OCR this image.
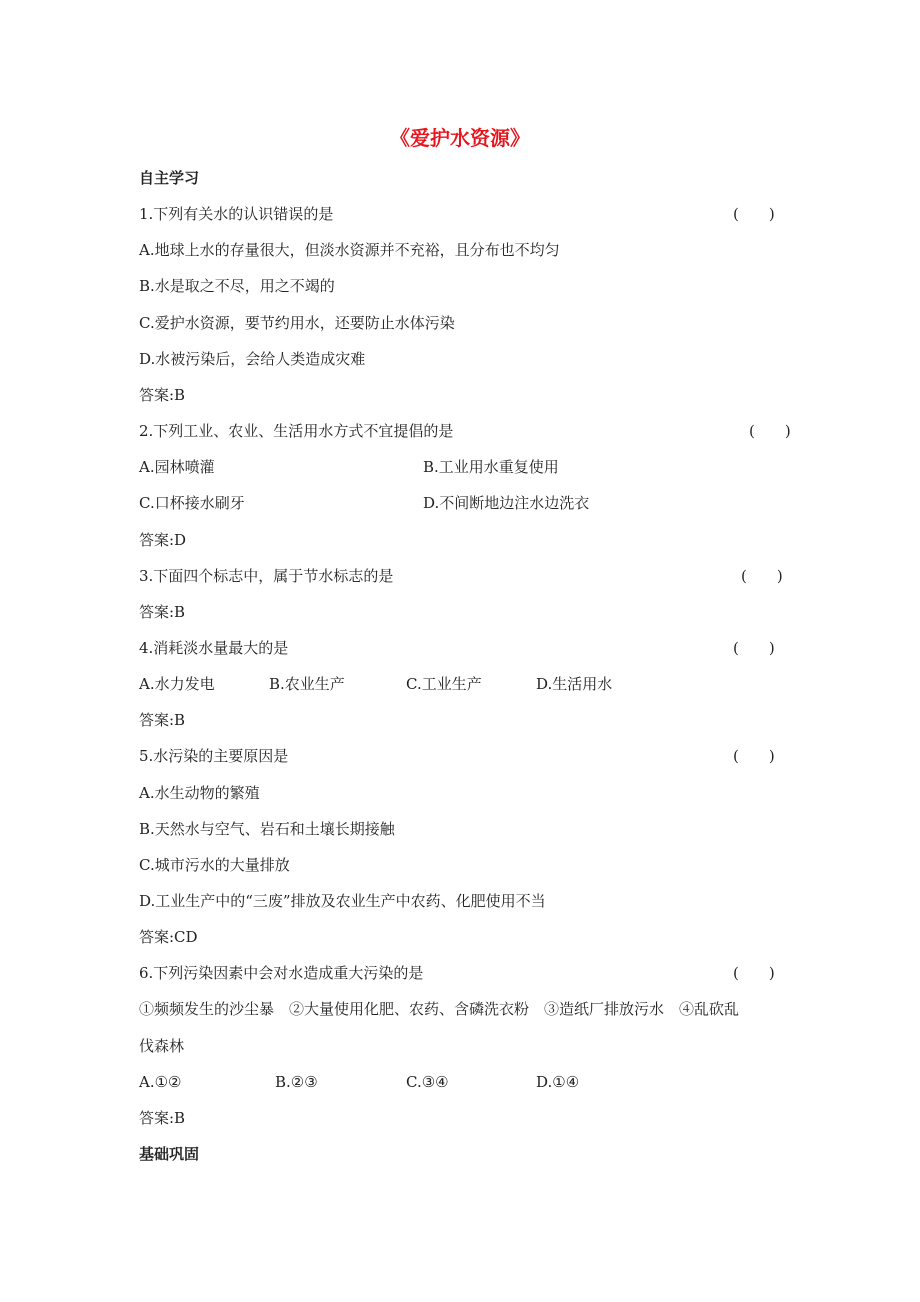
《爱护水资源》
自主学习
1.下列有关水的认识错误的是	(　　)
A.地球上水的存量很大，但淡水资源并不充裕，且分布也不均匀
B.水是取之不尽，用之不竭的
C.爱护水资源，要节约用水，还要防止水体污染
D.水被污染后，会给人类造成灾难
答案:B
2.下列工业、农业、生活用水方式不宜提倡的是	(　　)
A.园林喷灌	B.工业用水重复使用
C.口杯接水刷牙	D.不间断地边注水边洗衣
答案:D
3.下面四个标志中，属于节水标志的是	(　　)
答案:B
4.消耗淡水量最大的是	(　　)
A.水力发电	B.农业生产	C.工业生产	D.生活用水
答案:B
5.水污染的主要原因是	(　　)
A.水生动物的繁殖
B.天然水与空气、岩石和土壤长期接触
C.城市污水的大量排放
D.工业生产中的“三废”排放及农业生产中农药、化肥使用不当
答案:CD
6.下列污染因素中会对水造成重大污染的是	(　　)
①频频发生的沙尘暴　②大量使用化肥、农药、含磷洗衣粉　③造纸厂排放污水　④乱砍乱
伐森林
A.①②	B.②③	C.③④	D.①④
答案:B
基础巩固
